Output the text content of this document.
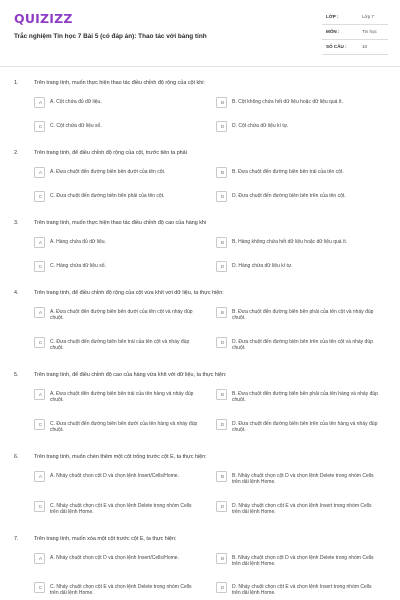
QUIZIZZ
Trắc nghiệm Tin học 7 Bài 5 (có đáp án): Thao tác với bảng tính
LỚP :	Lớp 7
MÔN :	Tin học
SỐ CÂU :	10
1.	Trên trang tính, muốn thực hiện thao tác điều chỉnh độ rộng của cột khi:
A	A. Cột chứa đủ dữ liệu.	B	B. Cột không chứa hết dữ liệu hoặc dữ liệu quá ít.
C	C. Cột chứa dữ liệu số.	D	D. Cột chứa dữ liệu kí tự.
2.	Trên trang tính, để điều chỉnh độ rộng của cột, trước tiên ta phải
A	A. Đưa chuột đến đường biên bên dưới của tên cột.	B	B. Đưa chuột đến đường biên bên trái của tên cột.
C	C. Đưa chuột đến đường biên bên phải của tên cột.	D	D. Đưa chuột đến đường biên bên trên của tên cột.
3.	Trên trang tính, muốn thực hiện thao tác điều chỉnh độ cao của hàng khi
A	A. Hàng chứa đủ dữ liệu.	B	B. Hàng không chứa hết dữ liệu hoặc dữ liệu quá ít.
C	C. Hàng chứa dữ liệu số.	D	D. Hàng chứa dữ liệu kí tự.
4.	Trên trang tính, để điều chỉnh độ rộng của cột vừa khít với dữ liệu, ta thực hiện:
A	A. Đưa chuột đến đường biên bên dưới của tên cột và nháy đúp chuột.
B	B. Đưa chuột đến đường biên bên phải của tên cột và nháy đúp chuột.
C	C. Đưa chuột đến đường biên bên trái của tên cột và nháy đúp chuột.
D	D. Đưa chuột đến đường biên bên trên của tên cột và nháy đúp chuột.
5.	Trên trang tính, để điều chỉnh độ cao của hàng vừa khít với dữ liệu, ta thực hiện:
A	A. Đưa chuột đến đường biên bên trái của tên hàng và nháy đúp chuột.
B	B. Đưa chuột đến đường biên bên phải của tên hàng và nháy đúp chuột.
C	C. Đưa chuột đến đường biên bên dưới của tên hàng và nháy đúp chuột.
D	D. Đưa chuột đến đường biên bên trên của tên hàng và nháy đúp chuột.
6.	Trên trang tính, muốn chèn thêm một cột trống trước cột E, ta thực hiện:
A	A. Nháy chuột chọn cột D và chọn lệnh Insert/Cells/Home.	B	B. Nháy chuột chọn cột D và chọn lệnh Delete trong nhóm Cells trên dải lệnh Home.
C	C. Nháy chuột chọn cột E và chọn lệnh Delete trong nhóm Cells trên dải lệnh Home.
D	D. Nháy chuột chọn cột E và chọn lệnh Insert trong nhóm Cells trên dải lệnh Home.
7.	Trên trang tính, muốn xóa một cột trước cột E, ta thực hiện:
A	A. Nháy chuột chọn cột D và chọn lệnh Insert/Cells/Home.	B	B. Nháy chuột chọn cột D và chọn lệnh Delete trong nhóm Cells trên dải lệnh Home.
C	C. Nháy chuột chọn cột E và chọn lệnh Delete trong nhóm Cells trên dải lệnh Home.
D	D. Nháy chuột chọn cột E và chọn lệnh Insert trong nhóm Cells trên dải lệnh Home.
